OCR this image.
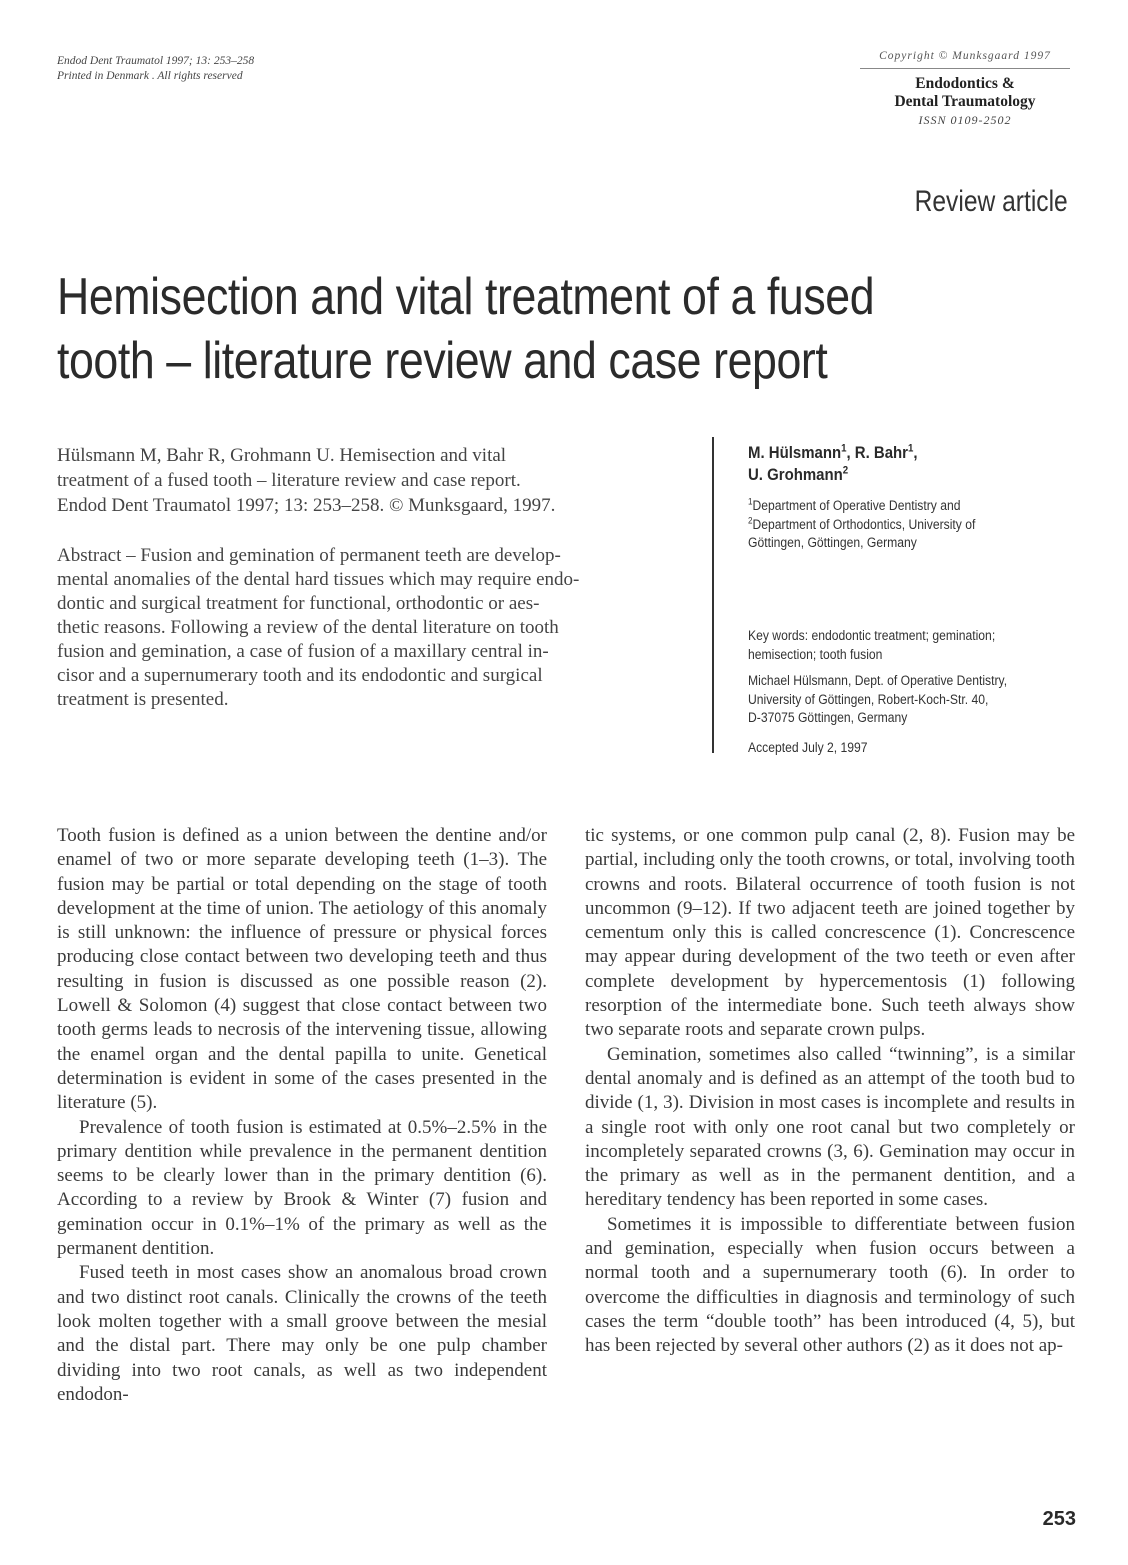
Endod Dent Traumatol 1997; 13: 253–258
Printed in Denmark . All rights reserved
Copyright © Munksgaard 1997
Endodontics &
Dental Traumatology
ISSN 0109-2502
Review article
Hemisection and vital treatment of a fused
tooth – literature review and case report
Hülsmann M, Bahr R, Grohmann U. Hemisection and vital
treatment of a fused tooth – literature review and case report.
Endod Dent Traumatol 1997; 13: 253–258. © Munksgaard, 1997.
Abstract – Fusion and gemination of permanent teeth are develop-
mental anomalies of the dental hard tissues which may require endo-
dontic and surgical treatment for functional, orthodontic or aes-
thetic reasons. Following a review of the dental literature on tooth
fusion and gemination, a case of fusion of a maxillary central in-
cisor and a supernumerary tooth and its endodontic and surgical
treatment is presented.
M. Hülsmann$^1$, R. Bahr$^1$,
U. Grohmann$^2$
$^1$Department of Operative Dentistry and
$^2$Department of Orthodontics, University of
Göttingen, Göttingen, Germany
Key words: endodontic treatment; gemination;
hemisection; tooth fusion
Michael Hülsmann, Dept. of Operative Dentistry,
University of Göttingen, Robert-Koch-Str. 40,
D-37075 Göttingen, Germany
Accepted July 2, 1997

Tooth fusion is defined as a union between the dentine and/or enamel of two or more separate developing teeth (1–3). The fusion may be partial or total depending on the stage of tooth development at the time of union. The aetiology of this anomaly is still unknown: the influence of pressure or physical forces producing close contact between two developing teeth and thus resulting in fusion is discussed as one possible reason (2). Lowell & Solomon (4) suggest that close contact between two tooth germs leads to necrosis of the intervening tissue, allowing the enamel organ and the dental papilla to unite. Genetical determination is evident in some of the cases presented in the literature (5).

Prevalence of tooth fusion is estimated at 0.5%–2.5% in the primary dentition while prevalence in the permanent dentition seems to be clearly lower than in the primary dentition (6). According to a review by Brook & Winter (7) fusion and gemination occur in 0.1%–1% of the primary as well as the permanent dentition.

Fused teeth in most cases show an anomalous broad crown and two distinct root canals. Clinically the crowns of the teeth look molten together with a small groove between the mesial and the distal part. There may only be one pulp chamber dividing into two root canals, as well as two independent endodon-

tic systems, or one common pulp canal (2, 8). Fusion may be partial, including only the tooth crowns, or total, involving tooth crowns and roots. Bilateral occurrence of tooth fusion is not uncommon (9–12). If two adjacent teeth are joined together by cementum only this is called concrescence (1). Concrescence may appear during development of the two teeth or even after complete development by hypercementosis (1) following resorption of the intermediate bone. Such teeth always show two separate roots and separate crown pulps.

Gemination, sometimes also called “twinning”, is a similar dental anomaly and is defined as an attempt of the tooth bud to divide (1, 3). Division in most cases is incomplete and results in a single root with only one root canal but two completely or incompletely separated crowns (3, 6). Gemination may occur in the primary as well as in the permanent dentition, and a hereditary tendency has been reported in some cases.

Sometimes it is impossible to differentiate between fusion and gemination, especially when fusion occurs between a normal tooth and a supernumerary tooth (6). In order to overcome the difficulties in diagnosis and terminology of such cases the term “double tooth” has been introduced (4, 5), but has been rejected by several other authors (2) as it does not ap-

253
